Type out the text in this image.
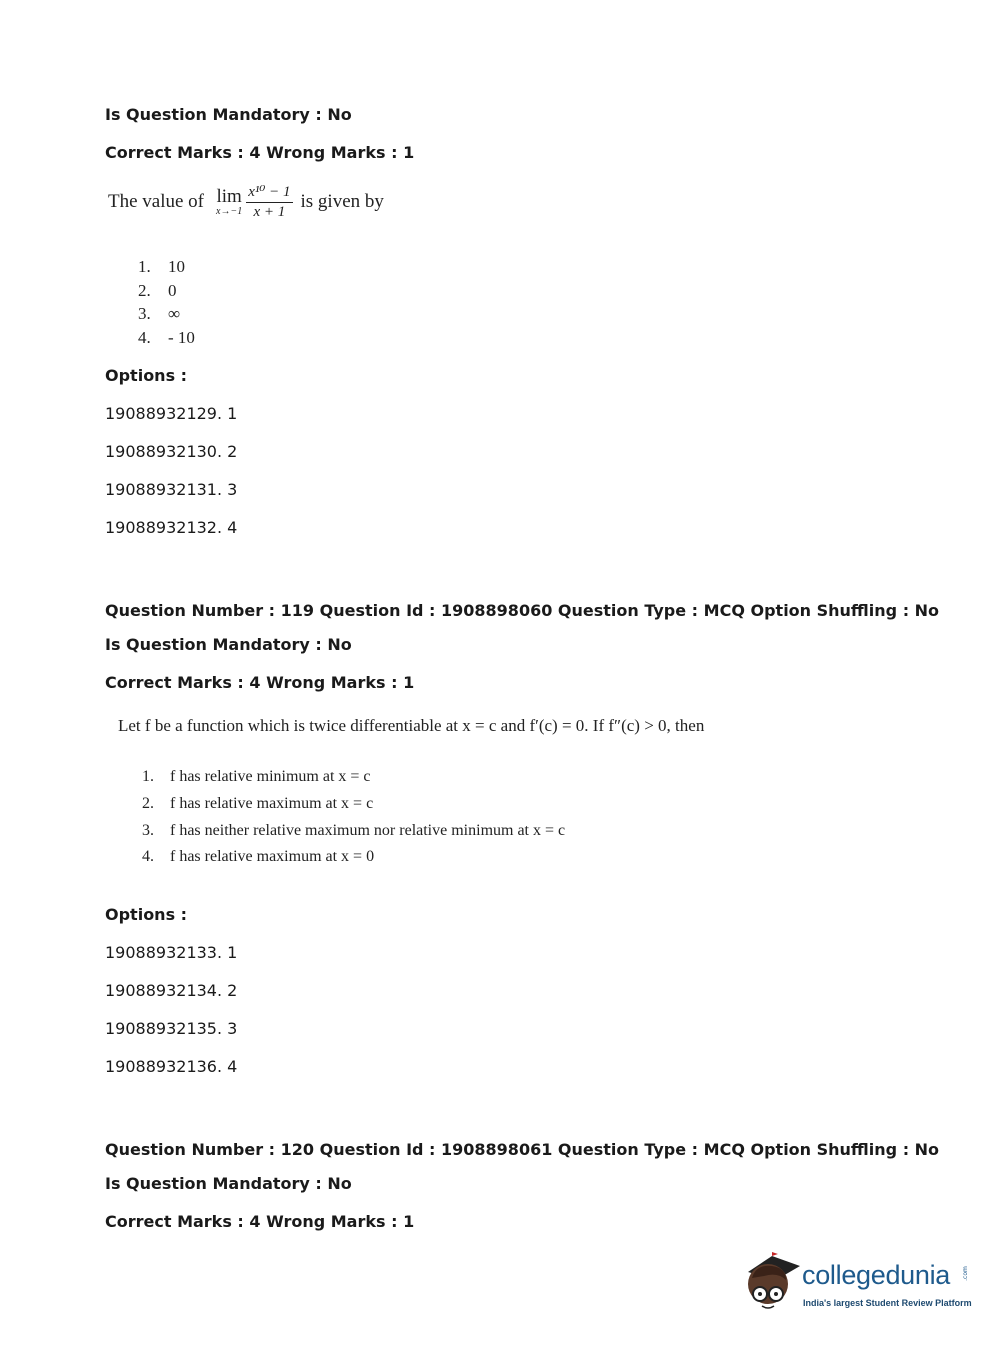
Is Question Mandatory : No
Correct Marks : 4 Wrong Marks : 1
The value of lim
$x\to-1 \frac{\text{x¹⁰ − 1}}{x + 1}$ is given by
1. 10
2. 0
3. ∞
4. - 10
Options :
19088932129. 1
19088932130. 2
19088932131. 3
19088932132. 4
Question Number : 119 Question Id : 1908898060 Question Type : MCQ Option Shuffling : No
Is Question Mandatory : No
Correct Marks : 4 Wrong Marks : 1
Let f be a function which is twice differentiable at x = c and f′(c) = 0. If f″(c) > 0, then
1. f has relative minimum at x = c
2. f has relative maximum at x = c
3. f has neither relative maximum nor relative minimum at x = c
4. f has relative maximum at x = 0
Options :
19088932133. 1
19088932134. 2
19088932135. 3
19088932136. 4
Question Number : 120 Question Id : 1908898061 Question Type : MCQ Option Shuffling : No
Is Question Mandatory : No
Correct Marks : 4 Wrong Marks : 1
collegedunia .com
India's largest Student Review Platform
